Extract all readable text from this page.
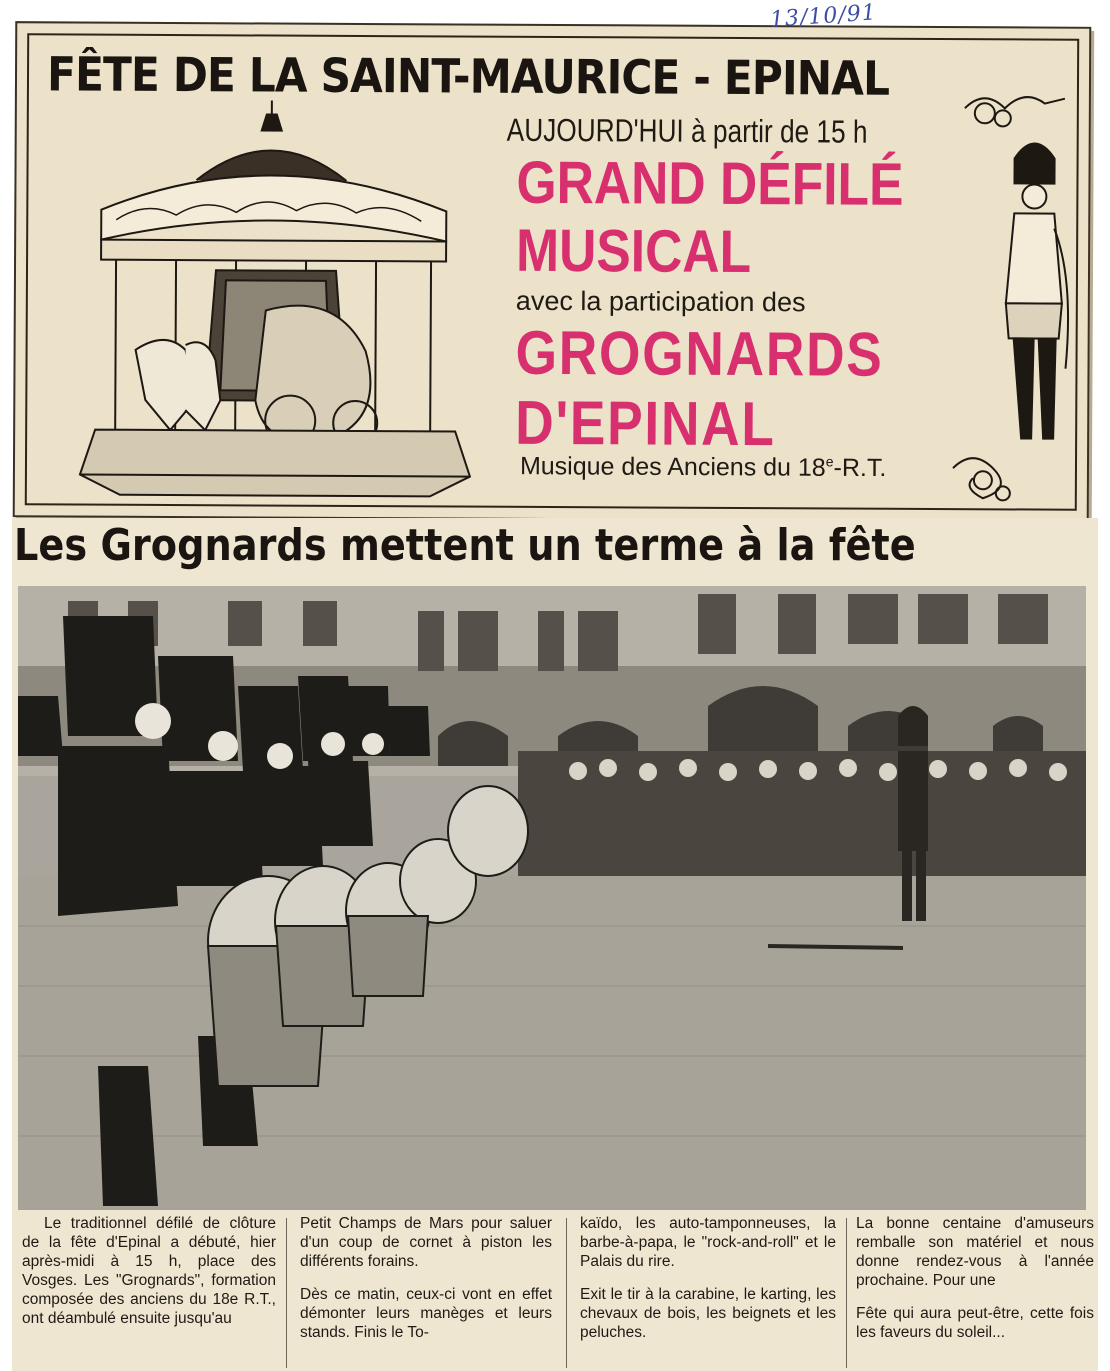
FÊTE DE LA SAINT-MAURICE - EPINAL
AUJOURD'HUI à partir de 15 h
GRAND DÉFILÉ
MUSICAL
avec la participation des
GROGNARDS
D'EPINAL
Musique des Anciens du 18e-R.T.
13/10/91
Les Grognards mettent un terme à la fête

Le traditionnel défilé de clôture de la fête d'Epinal a débuté, hier après-midi à 15 h, place des Vosges. Les "Grognards", formation composée des anciens du 18e R.T., ont déambulé ensuite jusqu'au

Petit Champs de Mars pour saluer d'un coup de cornet à piston les différents forains.

Dès ce matin, ceux-ci vont en effet démonter leurs manèges et leurs stands. Finis le To-

kaïdo, les auto-tamponneuses, la barbe-à-papa, le "rock-and-roll" et le Palais du rire.

Exit le tir à la carabine, le karting, les chevaux de bois, les beignets et les peluches.

La bonne centaine d'amuseurs remballe son matériel et nous donne rendez-vous à l'année prochaine. Pour une

Fête qui aura peut-être, cette fois les faveurs du soleil...
